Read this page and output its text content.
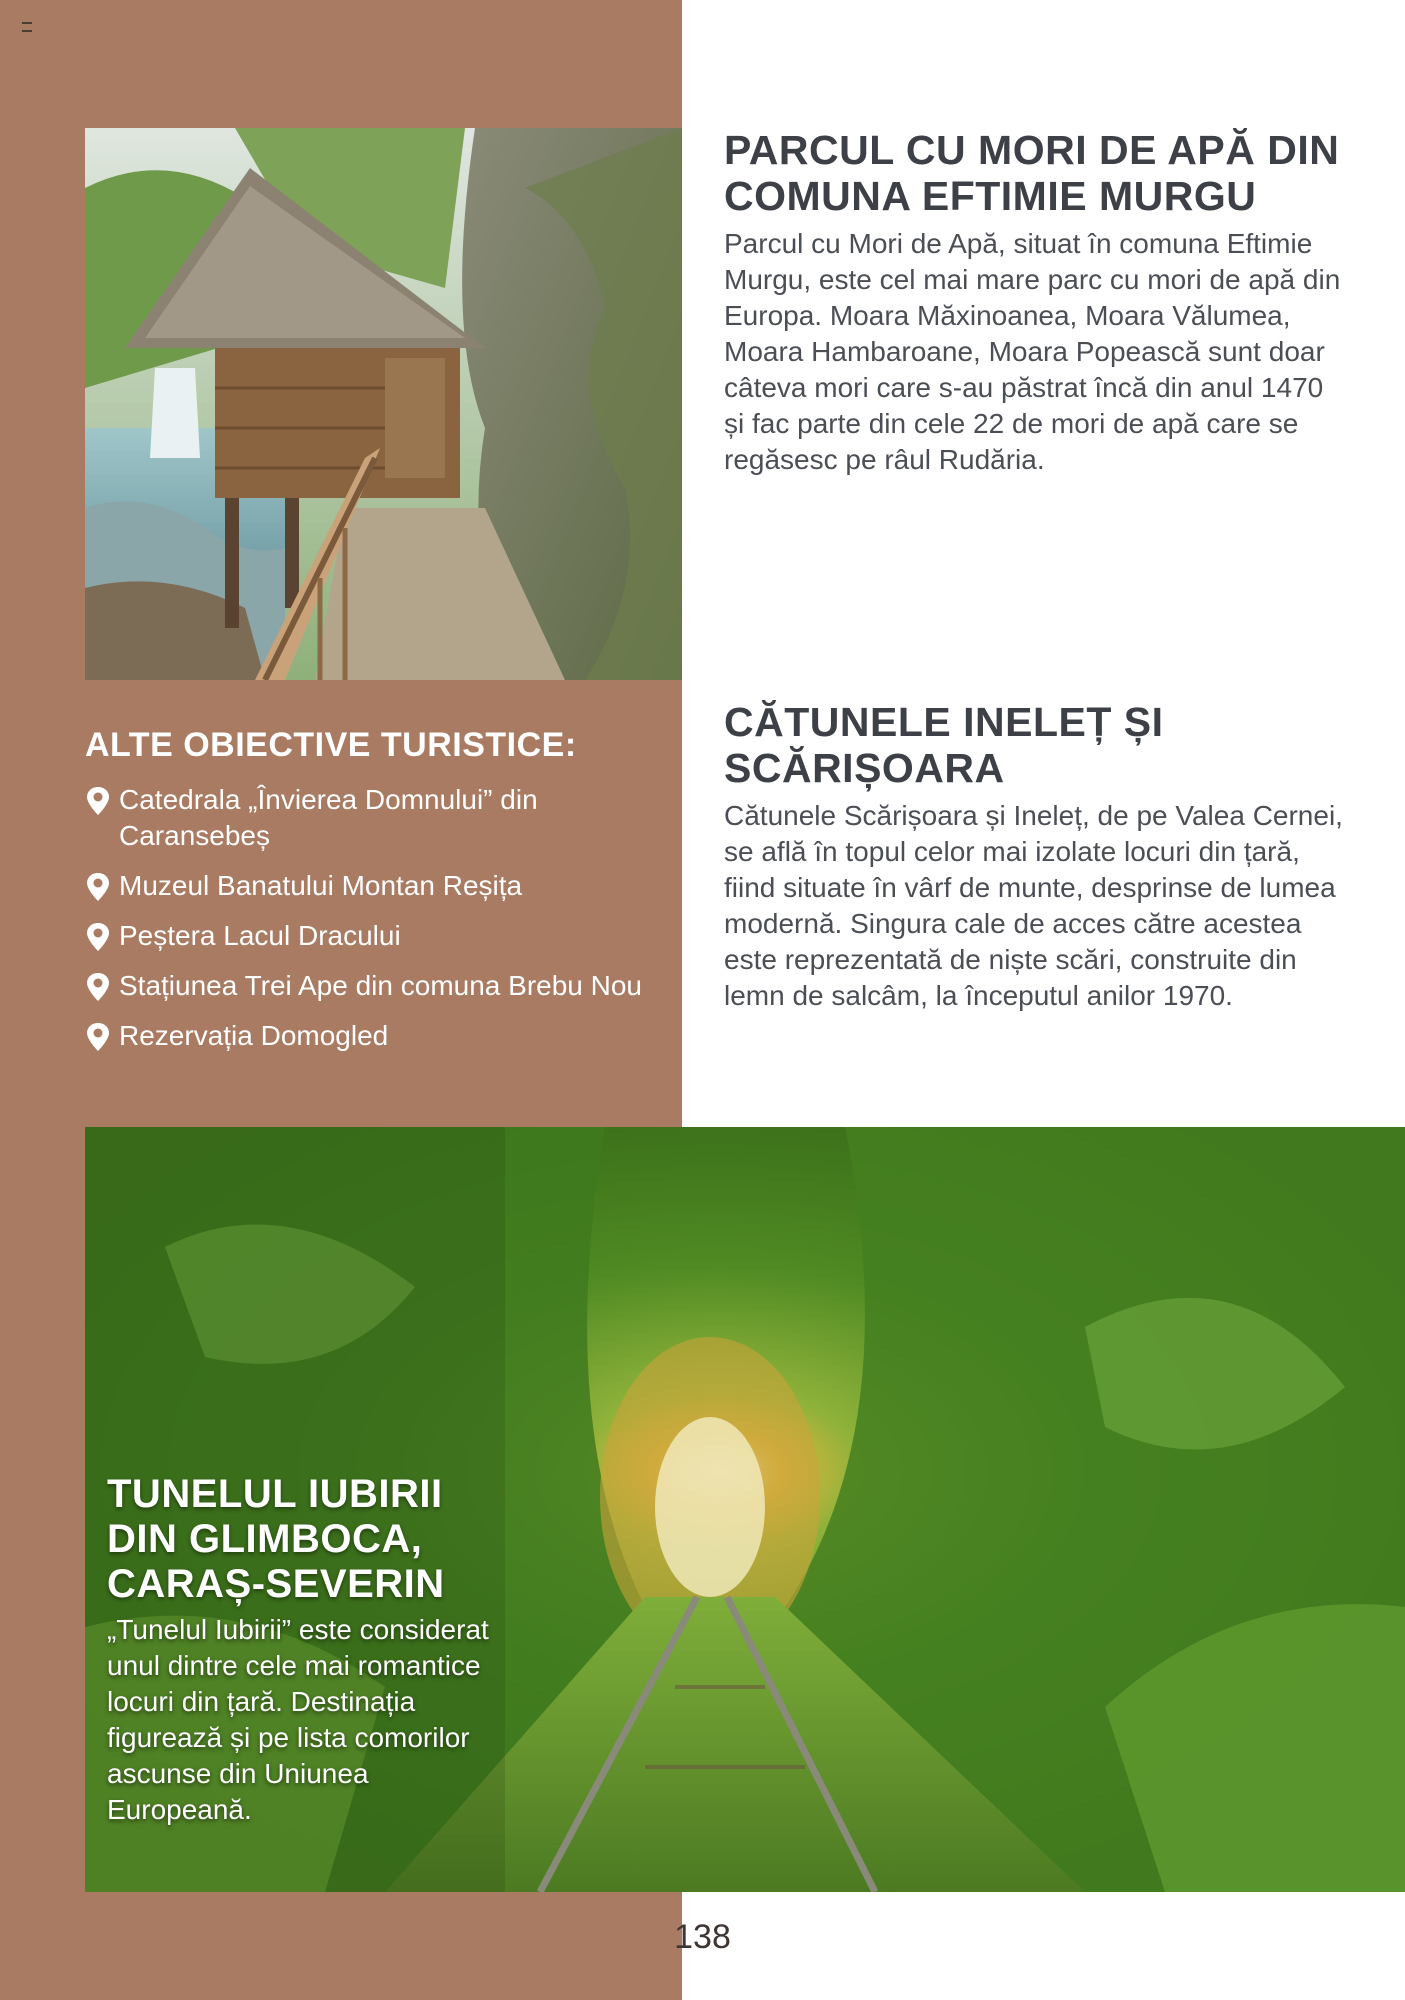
PARCUL CU MORI DE APĂ DIN COMUNA EFTIMIE MURGU

Parcul cu Mori de Apă, situat în comuna Eftimie Murgu, este cel mai mare parc cu mori de apă din Europa. Moara Măxinoanea, Moara Vălumea, Moara Hambaroane, Moara Popească sunt doar câteva mori care s-au păstrat încă din anul 1470 și fac parte din cele 22 de mori de apă care se regăsesc pe râul Rudăria.

ALTE OBIECTIVE TURISTICE:
Catedrala „Învierea Domnului” din Caransebeș
Muzeul Banatului Montan Reșița
Peștera Lacul Dracului
Stațiunea Trei Ape din comuna Brebu Nou
Rezervația Domogled
CĂTUNELE INELEȚ ȘI SCĂRIȘOARA

Cătunele Scărișoara și Ineleț, de pe Valea Cernei, se află în topul celor mai izolate locuri din țară, fiind situate în vârf de munte, desprinse de lumea modernă. Singura cale de acces către acestea este reprezentată de niște scări, construite din lemn de salcâm, la începutul anilor 1970.

TUNELUL IUBIRII DIN GLIMBOCA, CARAȘ-SEVERIN

„Tunelul Iubirii” este considerat unul dintre cele mai romantice locuri din țară. Destinația figurează și pe lista comorilor ascunse din Uniunea Europeană.

138
